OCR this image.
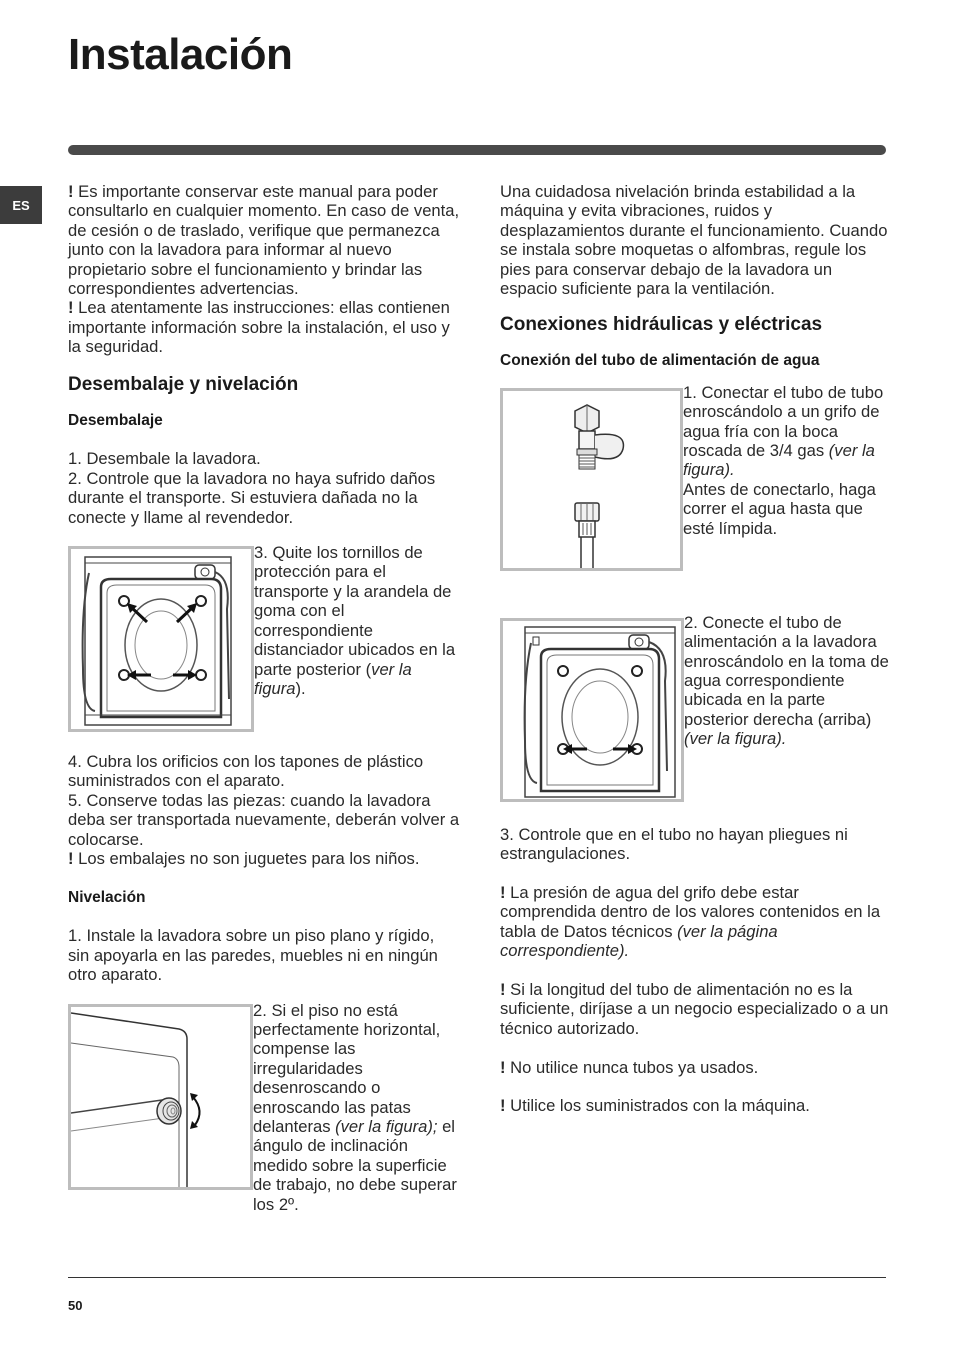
Instalación
ES

! Es importante conservar este manual para poder consultarlo en cualquier momento. En caso de venta, de cesión o de traslado, verifique que permanezca junto con la lavadora para informar al nuevo propietario sobre el funcionamiento y brindar las correspondientes advertencias.

! Lea atentamente las instrucciones: ellas contienen importante información sobre la instalación, el uso y la seguridad.

Desembalaje y nivelación
Desembalaje

1. Desembale la lavadora.

2. Controle que la lavadora no haya sufrido daños durante el transporte. Si estuviera dañada no la conecte y llame al revendedor.

3. Quite los tornillos de protección para el transporte y la arandela de goma con el correspondiente distanciador ubicados en la parte posterior (ver la figura).

4. Cubra los orificios con los tapones de plástico suministrados con el aparato.

5. Conserve todas las piezas: cuando la lavadora deba ser transportada nuevamente, deberán volver a colocarse.

! Los embalajes no son juguetes para los niños.

Nivelación

1. Instale la lavadora sobre un piso plano y rígido, sin apoyarla en las paredes, muebles ni en ningún otro aparato.

2. Si el piso no está perfectamente horizontal, compense las irregularidades desenroscando o enroscando las patas delanteras (ver la figura); el ángulo de inclinación medido sobre la superficie de trabajo, no debe superar los 2º.

Una cuidadosa nivelación brinda estabilidad a la máquina y evita vibraciones, ruidos y desplazamientos durante el funcionamiento. Cuando se instala sobre moquetas o alfombras, regule los pies para conservar debajo de la lavadora un espacio suficiente para la ventilación.

Conexiones hidráulicas y eléctricas
Conexión del tubo de alimentación de agua

1. Conectar el tubo de tubo enroscándolo a un grifo de agua fría con la boca roscada de 3/4 gas (ver la figura).
Antes de conectarlo, haga correr el agua hasta que esté límpida.

2. Conecte el tubo de alimentación a la lavadora enroscándolo en la toma de agua correspondiente ubicada en la parte posterior derecha (arriba) (ver la figura).

3. Controle que en el tubo no hayan pliegues ni estrangulaciones.

! La presión de agua del grifo debe estar comprendida dentro de los valores contenidos en la tabla de Datos técnicos (ver la página correspondiente).

! Si la longitud del tubo de alimentación no es la suficiente, diríjase a un negocio especializado o a un técnico autorizado.

! No utilice nunca tubos ya usados.

! Utilice los suministrados con la máquina.

50
